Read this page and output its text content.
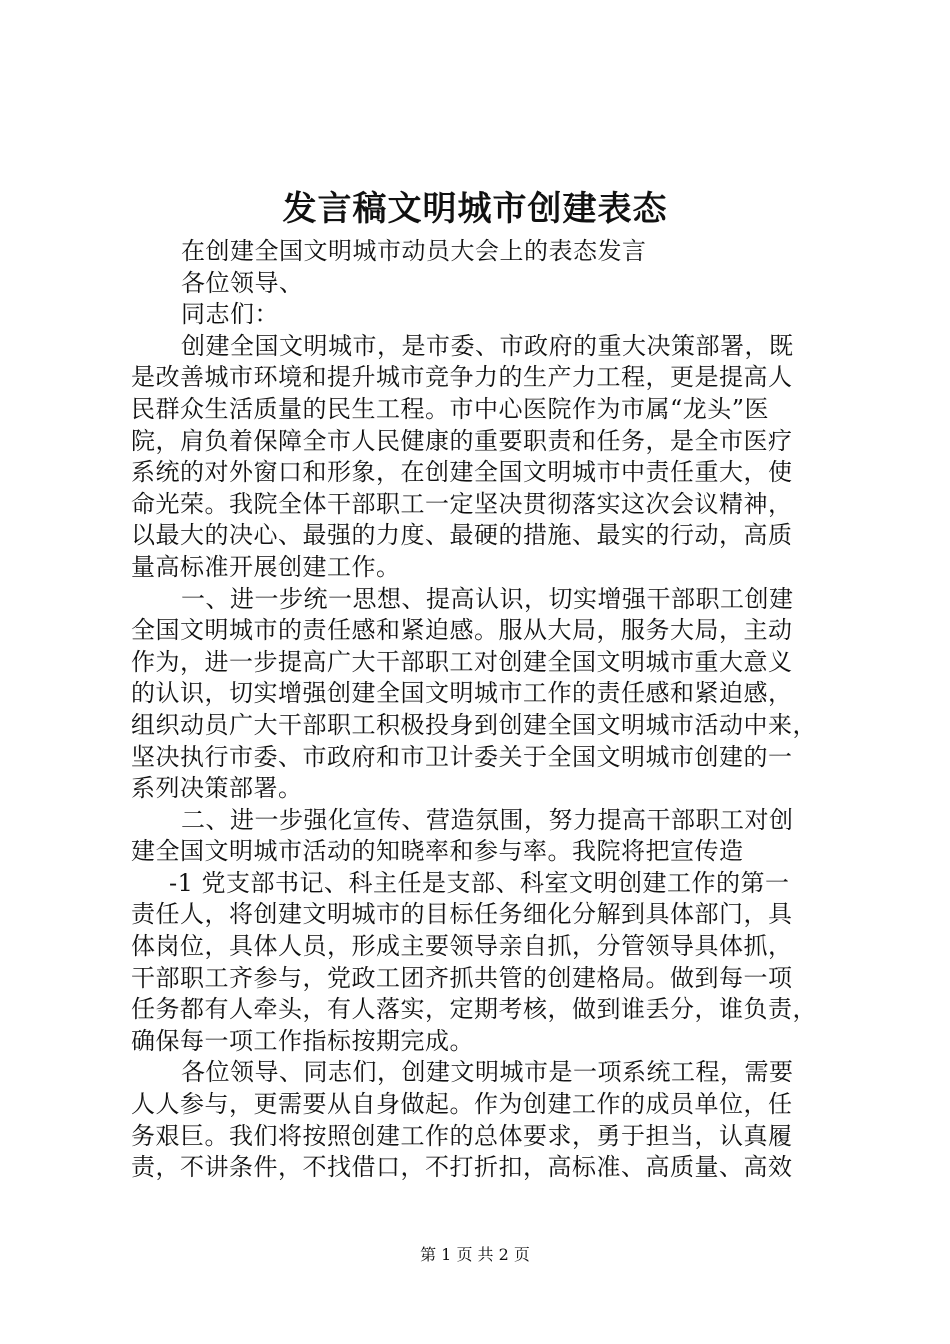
发言稿文明城市创建表态

在创建全国文明城市动员大会上的表态发言

各位领导、

同志们：

创建全国文明城市，是市委、市政府的重大决策部署，既

是改善城市环境和提升城市竞争力的生产力工程，更是提高人

民群众生活质量的民生工程。市中心医院作为市属“龙头”医

院，肩负着保障全市人民健康的重要职责和任务，是全市医疗

系统的对外窗口和形象，在创建全国文明城市中责任重大，使

命光荣。我院全体干部职工一定坚决贯彻落实这次会议精神，

以最大的决心、最强的力度、最硬的措施、最实的行动，高质

量高标准开展创建工作。

一、进一步统一思想、提高认识，切实增强干部职工创建

全国文明城市的责任感和紧迫感。服从大局，服务大局，主动

作为，进一步提高广大干部职工对创建全国文明城市重大意义

的认识，切实增强创建全国文明城市工作的责任感和紧迫感，

组织动员广大干部职工积极投身到创建全国文明城市活动中来，

坚决执行市委、市政府和市卫计委关于全国文明城市创建的一

系列决策部署。

二、进一步强化宣传、营造氛围，努力提高干部职工对创

建全国文明城市活动的知晓率和参与率。我院将把宣传造

-1 党支部书记、科主任是支部、科室文明创建工作的第一

责任人，将创建文明城市的目标任务细化分解到具体部门，具

体岗位，具体人员，形成主要领导亲自抓，分管领导具体抓，

干部职工齐参与，党政工团齐抓共管的创建格局。做到每一项

任务都有人牵头，有人落实，定期考核，做到谁丢分，谁负责，

确保每一项工作指标按期完成。

各位领导、同志们，创建文明城市是一项系统工程，需要

人人参与，更需要从自身做起。作为创建工作的成员单位，任

务艰巨。我们将按照创建工作的总体要求，勇于担当，认真履

责，不讲条件，不找借口，不打折扣，高标准、高质量、高效

第 1 页 共 2 页
